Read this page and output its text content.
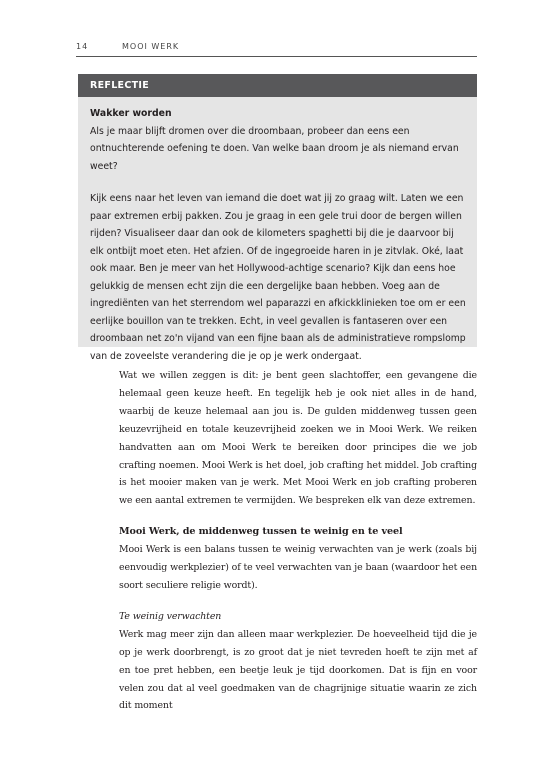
14	MOOI WERK
REFLECTIE
Wakker worden

Als je maar blijft dromen over die droombaan, probeer dan eens een ontnuchterende oefening te doen. Van welke baan droom je als niemand ervan weet?

Kijk eens naar het leven van iemand die doet wat jij zo graag wilt. Laten we een paar extremen erbij pakken. Zou je graag in een gele trui door de bergen willen rijden? Visualiseer daar dan ook de kilometers spaghetti bij die je daarvoor bij elk ontbijt moet eten. Het afzien. Of de ingegroeide haren in je zitvlak. Oké, laat ook maar. Ben je meer van het Hollywood-achtige scenario? Kijk dan eens hoe gelukkig de mensen echt zijn die een dergelijke baan hebben. Voeg aan de ingrediënten van het sterrendom wel paparazzi en afkickklinieken toe om er een eerlijke bouillon van te trekken. Echt, in veel gevallen is fantaseren over een droombaan net zo'n vijand van een fijne baan als de administratieve rompslomp van de zoveelste verandering die je op je werk ondergaat.

Wat we willen zeggen is dit: je bent geen slachtoffer, een gevangene die helemaal geen keuze heeft. En tegelijk heb je ook niet alles in de hand, waarbij de keuze helemaal aan jou is. De gulden middenweg tussen geen keuzevrijheid en totale keuzevrijheid zoeken we in Mooi Werk. We reiken handvatten aan om Mooi Werk te bereiken door principes die we job crafting noemen. Mooi Werk is het doel, job crafting het middel. Job crafting is het mooier maken van je werk. Met Mooi Werk en job crafting proberen we een aantal extremen te vermijden. We bespreken elk van deze extremen.

Mooi Werk, de middenweg tussen te weinig en te veel

Mooi Werk is een balans tussen te weinig verwachten van je werk (zoals bij eenvoudig werkplezier) of te veel verwachten van je baan (waardoor het een soort seculiere religie wordt).

Te weinig verwachten

Werk mag meer zijn dan alleen maar werkplezier. De hoeveelheid tijd die je op je werk doorbrengt, is zo groot dat je niet tevreden hoeft te zijn met af en toe pret hebben, een beetje leuk je tijd doorkomen. Dat is fijn en voor velen zou dat al veel goedmaken van de chagrijnige situatie waarin ze zich dit moment
